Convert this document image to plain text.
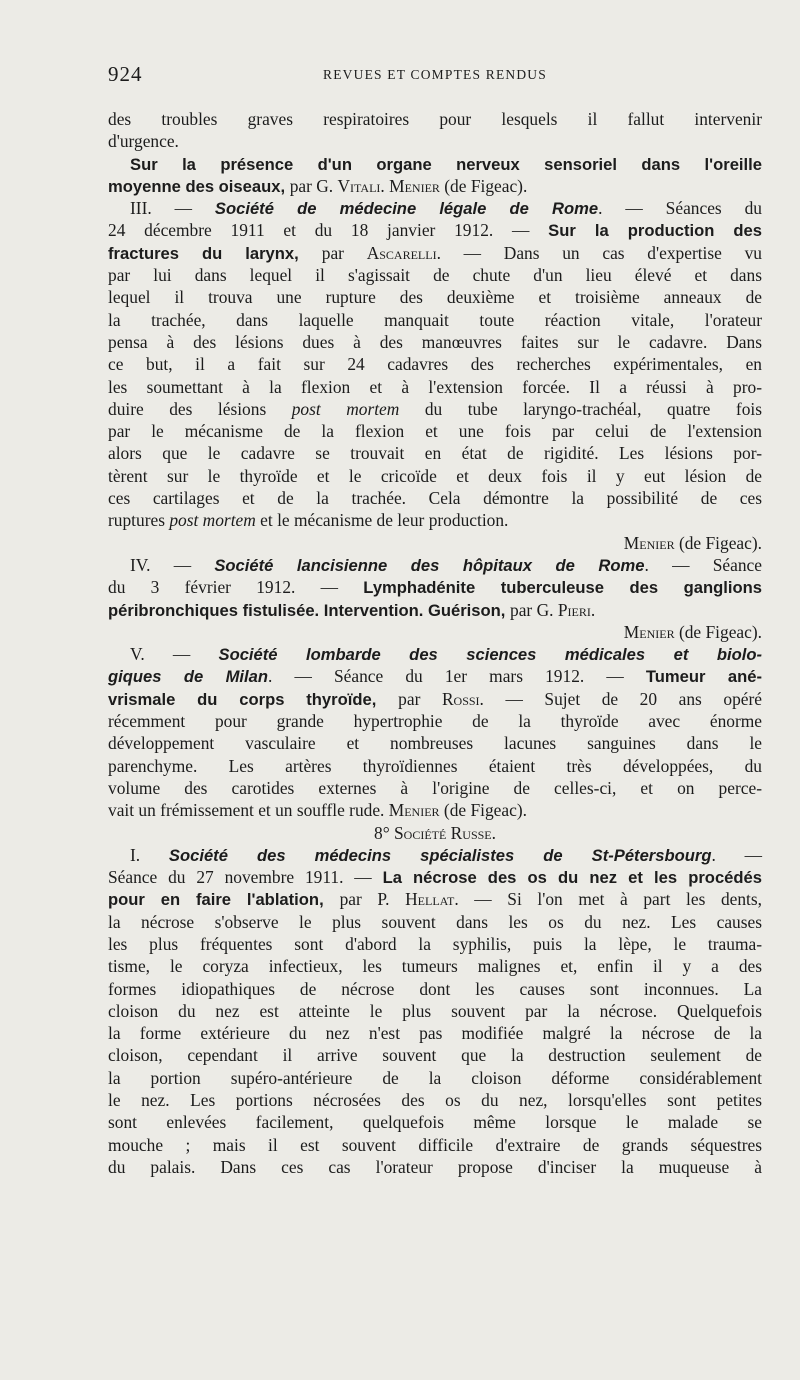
924	REVUES ET COMPTES RENDUS
des troubles graves respiratoires pour lesquels il fallut intervenir
d'urgence.
Sur la présence d'un organe nerveux sensoriel dans l'oreille
moyenne des oiseaux, par G. Vitali. Menier (de Figeac).
III. — Société de médecine légale de Rome. — Séances du
24 décembre 1911 et du 18 janvier 1912. — Sur la production des
fractures du larynx, par Ascarelli. — Dans un cas d'expertise vu
par lui dans lequel il s'agissait de chute d'un lieu élevé et dans
lequel il trouva une rupture des deuxième et troisième anneaux de
la trachée, dans laquelle manquait toute réaction vitale, l'orateur
pensa à des lésions dues à des manœuvres faites sur le cadavre. Dans
ce but, il a fait sur 24 cadavres des recherches expérimentales, en
les soumettant à la flexion et à l'extension forcée. Il a réussi à pro-
duire des lésions post mortem du tube laryngo-trachéal, quatre fois
par le mécanisme de la flexion et une fois par celui de l'extension
alors que le cadavre se trouvait en état de rigidité. Les lésions por-
tèrent sur le thyroïde et le cricoïde et deux fois il y eut lésion de
ces cartilages et de la trachée. Cela démontre la possibilité de ces
ruptures post mortem et le mécanisme de leur production.
Menier (de Figeac).
IV. — Société lancisienne des hôpitaux de Rome. — Séance
du 3 février 1912. — Lymphadénite tuberculeuse des ganglions
péribronchiques fistulisée. Intervention. Guérison, par G. Pieri.
Menier (de Figeac).
V. — Société lombarde des sciences médicales et biolo-
giques de Milan. — Séance du 1er mars 1912. — Tumeur ané-
vrismale du corps thyroïde, par Rossi. — Sujet de 20 ans opéré
récemment pour grande hypertrophie de la thyroïde avec énorme
développement vasculaire et nombreuses lacunes sanguines dans le
parenchyme. Les artères thyroïdiennes étaient très développées, du
volume des carotides externes à l'origine de celles-ci, et on perce-
vait un frémissement et un souffle rude. Menier (de Figeac).
8° Société Russe.
I. Société des médecins spécialistes de St-Pétersbourg. —
Séance du 27 novembre 1911. — La nécrose des os du nez et les procédés
pour en faire l'ablation, par P. Hellat. — Si l'on met à part les dents,
la nécrose s'observe le plus souvent dans les os du nez. Les causes
les plus fréquentes sont d'abord la syphilis, puis la lèpe, le trauma-
tisme, le coryza infectieux, les tumeurs malignes et, enfin il y a des
formes idiopathiques de nécrose dont les causes sont inconnues. La
cloison du nez est atteinte le plus souvent par la nécrose. Quelquefois
la forme extérieure du nez n'est pas modifiée malgré la nécrose de la
cloison, cependant il arrive souvent que la destruction seulement de
la portion supéro-antérieure de la cloison déforme considérablement
le nez. Les portions nécrosées des os du nez, lorsqu'elles sont petites
sont enlevées facilement, quelquefois même lorsque le malade se
mouche ; mais il est souvent difficile d'extraire de grands séquestres
du palais. Dans ces cas l'orateur propose d'inciser la muqueuse à
